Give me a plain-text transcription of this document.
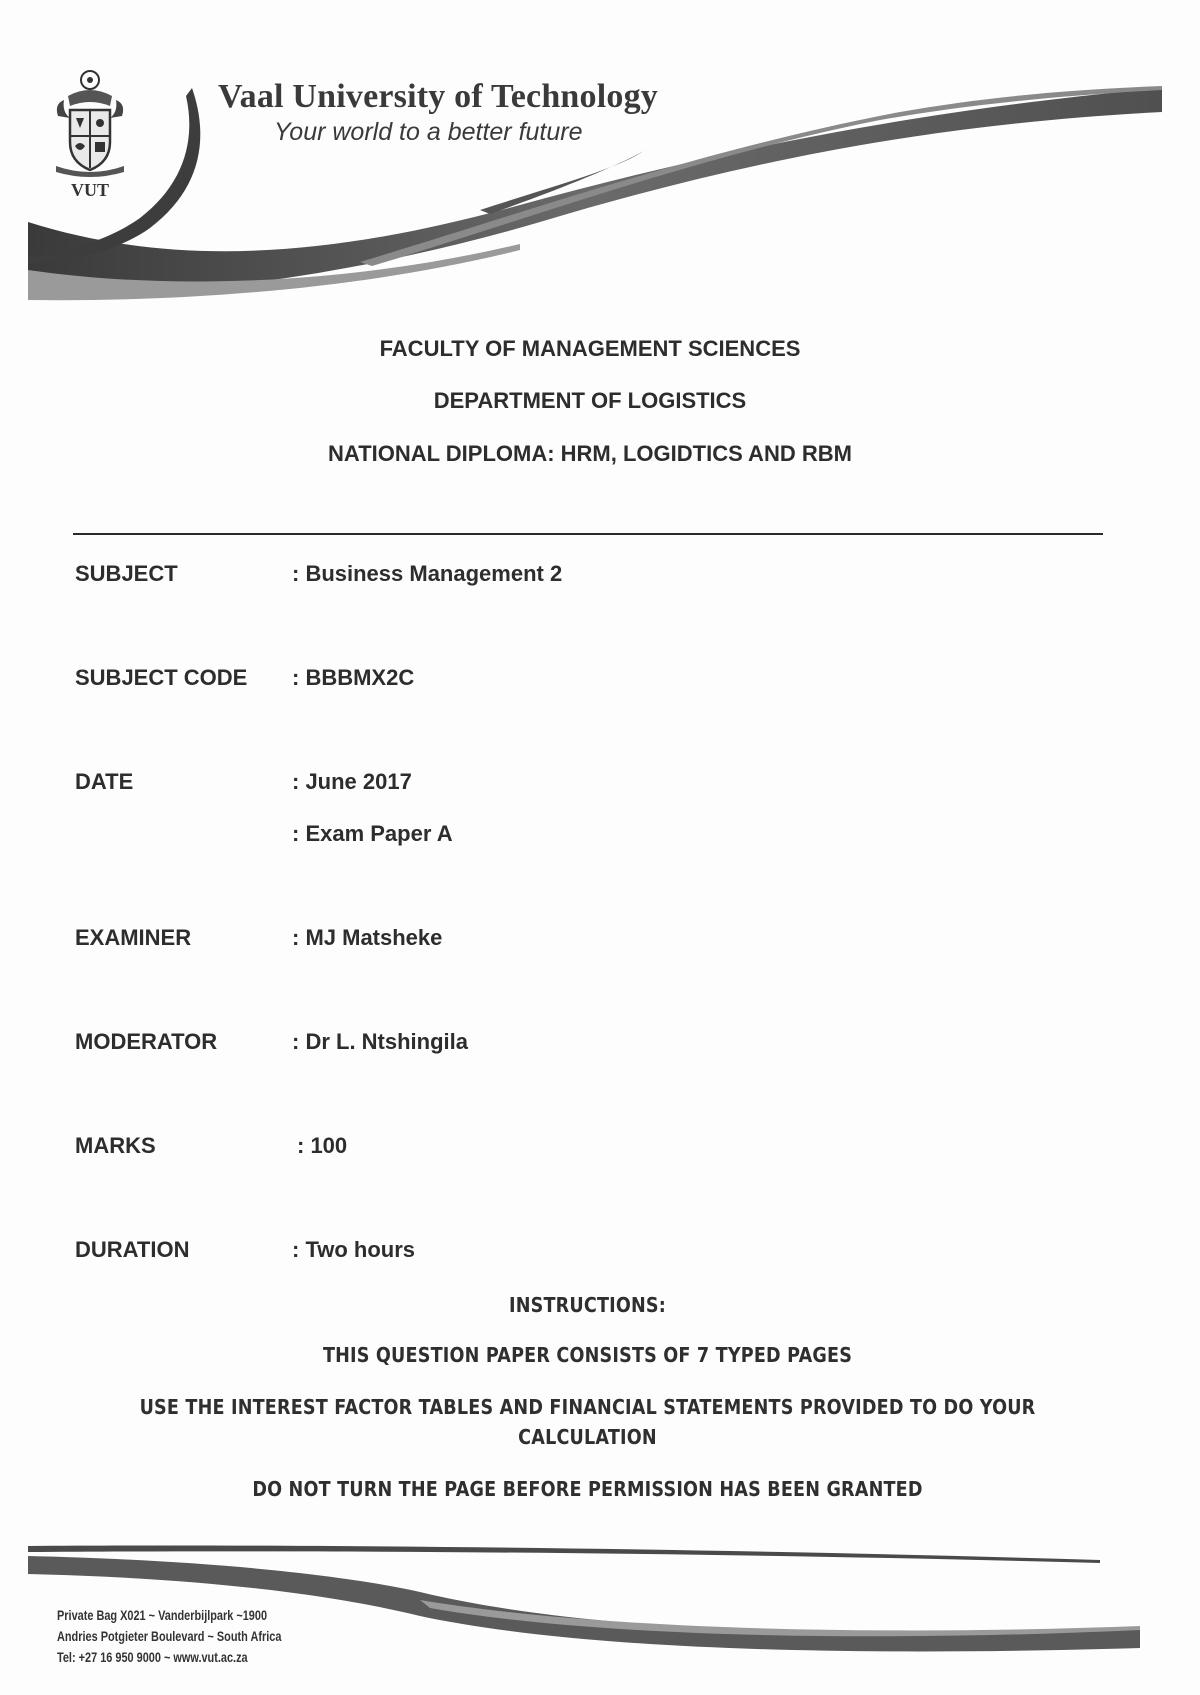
VUT
Vaal University of Technology
Your world to a better future
FACULTY OF MANAGEMENT SCIENCES
DEPARTMENT OF LOGISTICS
NATIONAL DIPLOMA: HRM, LOGIDTICS AND RBM
SUBJECT	: Business Management 2
SUBJECT CODE : BBBMX2C
DATE	: June 2017
: Exam Paper A
EXAMINER	: MJ Matsheke
MODERATOR	: Dr L. Ntshingila
MARKS	: 100
DURATION	: Two hours
INSTRUCTIONS:
THIS QUESTION PAPER CONSISTS OF 7 TYPED PAGES
USE THE INTEREST FACTOR TABLES AND FINANCIAL STATEMENTS PROVIDED TO DO YOUR
CALCULATION
DO NOT TURN THE PAGE BEFORE PERMISSION HAS BEEN GRANTED
Private Bag X021 ~ Vanderbijlpark ~1900
Andries Potgieter Boulevard ~ South Africa
Tel: +27 16 950 9000 ~ www.vut.ac.za
